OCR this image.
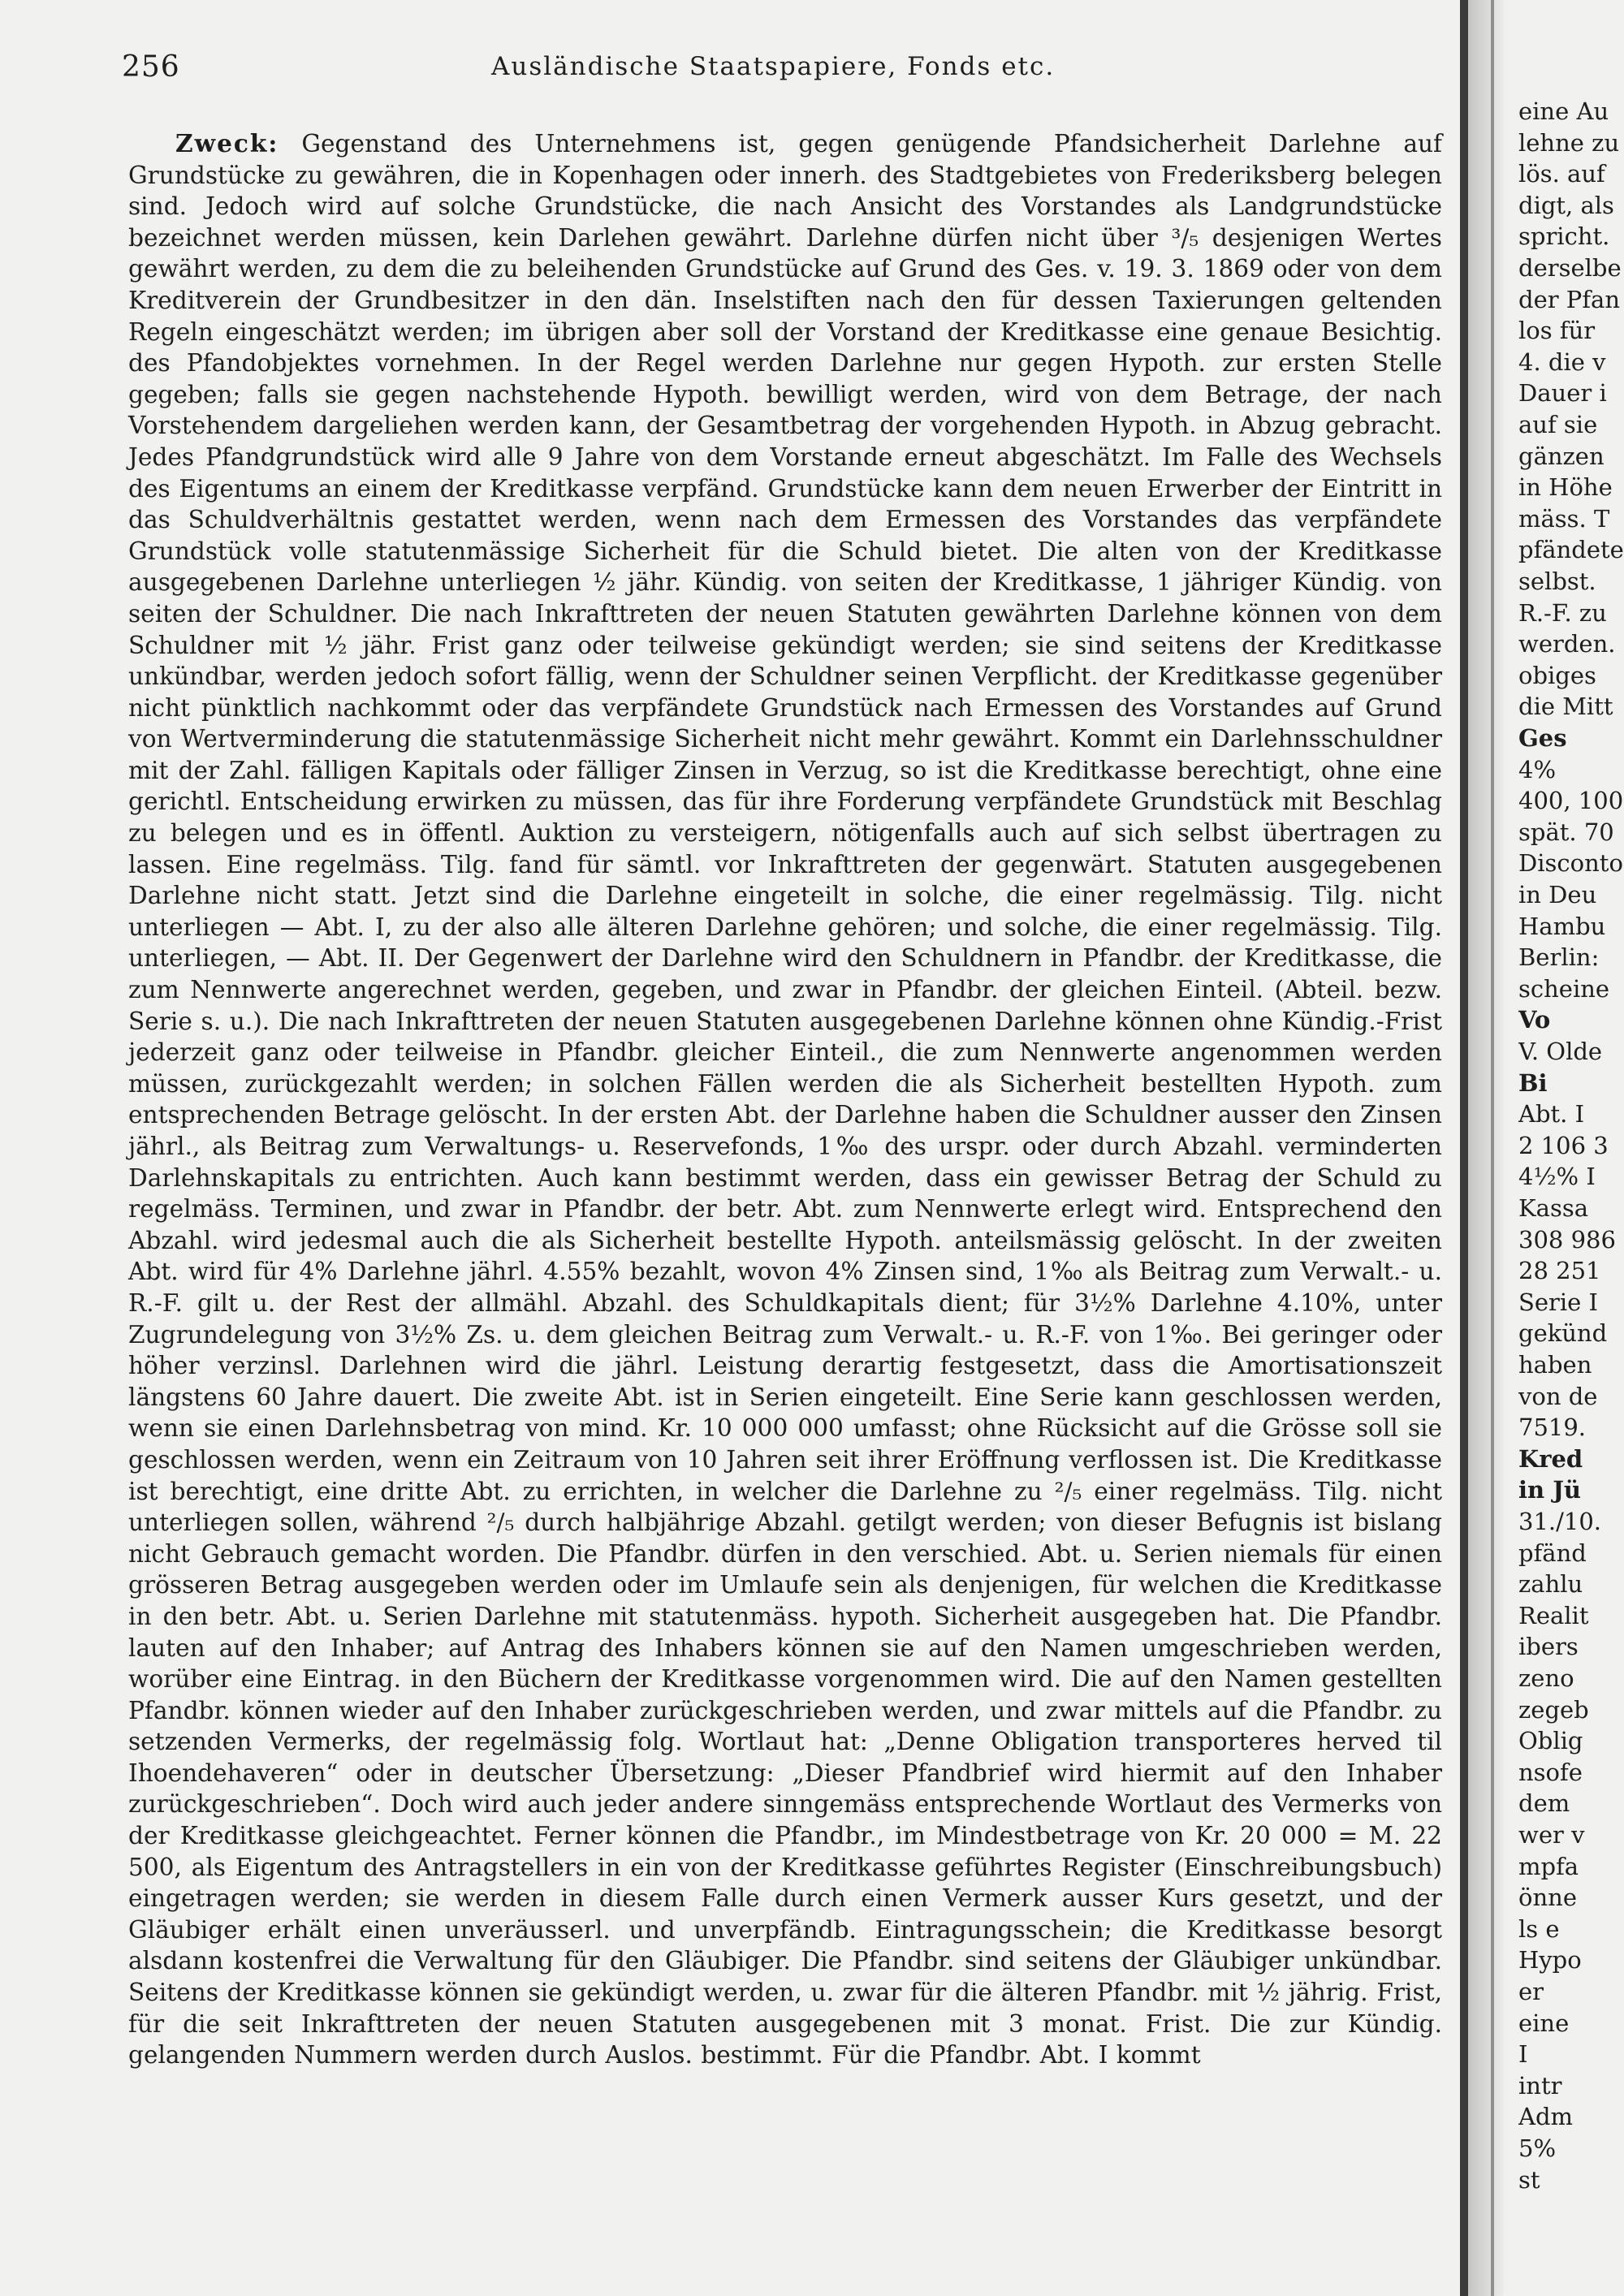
256	Ausländische Staatspapiere, Fonds etc.

Zweck: Gegenstand des Unternehmens ist, gegen genügende Pfandsicherheit Darlehne auf Grundstücke zu gewähren, die in Kopenhagen oder innerh. des Stadtgebietes von Frederiksberg belegen sind. Jedoch wird auf solche Grundstücke, die nach Ansicht des Vorstandes als Landgrundstücke bezeichnet werden müssen, kein Darlehen gewährt. Darlehne dürfen nicht über ³/₅ desjenigen Wertes gewährt werden, zu dem die zu beleihenden Grundstücke auf Grund des Ges. v. 19. 3. 1869 oder von dem Kreditverein der Grundbesitzer in den dän. Inselstiften nach den für dessen Taxierungen geltenden Regeln eingeschätzt werden; im übrigen aber soll der Vorstand der Kreditkasse eine genaue Besichtig. des Pfandobjektes vornehmen. In der Regel werden Darlehne nur gegen Hypoth. zur ersten Stelle gegeben; falls sie gegen nachstehende Hypoth. bewilligt werden, wird von dem Betrage, der nach Vorstehendem dargeliehen werden kann, der Gesamtbetrag der vorgehenden Hypoth. in Abzug gebracht. Jedes Pfandgrundstück wird alle 9 Jahre von dem Vorstande erneut abgeschätzt. Im Falle des Wechsels des Eigentums an einem der Kreditkasse verpfänd. Grundstücke kann dem neuen Erwerber der Eintritt in das Schuldverhältnis gestattet werden, wenn nach dem Ermessen des Vorstandes das verpfändete Grundstück volle statutenmässige Sicherheit für die Schuld bietet. Die alten von der Kreditkasse ausgegebenen Darlehne unterliegen ½ jähr. Kündig. von seiten der Kreditkasse, 1 jähriger Kündig. von seiten der Schuldner. Die nach Inkrafttreten der neuen Statuten gewährten Darlehne können von dem Schuldner mit ½ jähr. Frist ganz oder teilweise gekündigt werden; sie sind seitens der Kreditkasse unkündbar, werden jedoch sofort fällig, wenn der Schuldner seinen Verpflicht. der Kreditkasse gegenüber nicht pünktlich nachkommt oder das verpfändete Grundstück nach Ermessen des Vorstandes auf Grund von Wertverminderung die statutenmässige Sicherheit nicht mehr gewährt. Kommt ein Darlehnsschuldner mit der Zahl. fälligen Kapitals oder fälliger Zinsen in Verzug, so ist die Kreditkasse berechtigt, ohne eine gerichtl. Entscheidung erwirken zu müssen, das für ihre Forderung verpfändete Grundstück mit Beschlag zu belegen und es in öffentl. Auktion zu versteigern, nötigenfalls auch auf sich selbst übertragen zu lassen. Eine regelmäss. Tilg. fand für sämtl. vor Inkrafttreten der gegenwärt. Statuten ausgegebenen Darlehne nicht statt. Jetzt sind die Darlehne eingeteilt in solche, die einer regelmässig. Tilg. nicht unterliegen — Abt. I, zu der also alle älteren Darlehne gehören; und solche, die einer regelmässig. Tilg. unterliegen, — Abt. II. Der Gegenwert der Darlehne wird den Schuldnern in Pfandbr. der Kreditkasse, die zum Nennwerte angerechnet werden, gegeben, und zwar in Pfandbr. der gleichen Einteil. (Abteil. bezw. Serie s. u.). Die nach Inkrafttreten der neuen Statuten ausgegebenen Darlehne können ohne Kündig.-Frist jederzeit ganz oder teilweise in Pfandbr. gleicher Einteil., die zum Nennwerte angenommen werden müssen, zurückgezahlt werden; in solchen Fällen werden die als Sicherheit bestellten Hypoth. zum entsprechenden Betrage gelöscht. In der ersten Abt. der Darlehne haben die Schuldner ausser den Zinsen jährl., als Beitrag zum Verwaltungs- u. Reservefonds, 1‰ des urspr. oder durch Abzahl. verminderten Darlehnskapitals zu entrichten. Auch kann bestimmt werden, dass ein gewisser Betrag der Schuld zu regelmäss. Terminen, und zwar in Pfandbr. der betr. Abt. zum Nennwerte erlegt wird. Entsprechend den Abzahl. wird jedesmal auch die als Sicherheit bestellte Hypoth. anteilsmässig gelöscht. In der zweiten Abt. wird für 4% Darlehne jährl. 4.55% bezahlt, wovon 4% Zinsen sind, 1‰ als Beitrag zum Verwalt.- u. R.-F. gilt u. der Rest der allmähl. Abzahl. des Schuldkapitals dient; für 3½% Darlehne 4.10%, unter Zugrundelegung von 3½% Zs. u. dem gleichen Beitrag zum Verwalt.- u. R.-F. von 1‰. Bei geringer oder höher verzinsl. Darlehnen wird die jährl. Leistung derartig festgesetzt, dass die Amortisationszeit längstens 60 Jahre dauert. Die zweite Abt. ist in Serien eingeteilt. Eine Serie kann geschlossen werden, wenn sie einen Darlehnsbetrag von mind. Kr. 10 000 000 umfasst; ohne Rücksicht auf die Grösse soll sie geschlossen werden, wenn ein Zeitraum von 10 Jahren seit ihrer Eröffnung verflossen ist. Die Kreditkasse ist berechtigt, eine dritte Abt. zu errichten, in welcher die Darlehne zu ²/₅ einer regelmäss. Tilg. nicht unterliegen sollen, während ²/₅ durch halbjährige Abzahl. getilgt werden; von dieser Befugnis ist bislang nicht Gebrauch gemacht worden. Die Pfandbr. dürfen in den verschied. Abt. u. Serien niemals für einen grösseren Betrag ausgegeben werden oder im Umlaufe sein als denjenigen, für welchen die Kreditkasse in den betr. Abt. u. Serien Darlehne mit statutenmäss. hypoth. Sicherheit ausgegeben hat. Die Pfandbr. lauten auf den Inhaber; auf Antrag des Inhabers können sie auf den Namen umgeschrieben werden, worüber eine Eintrag. in den Büchern der Kreditkasse vorgenommen wird. Die auf den Namen gestellten Pfandbr. können wieder auf den Inhaber zurückgeschrieben werden, und zwar mittels auf die Pfandbr. zu setzenden Vermerks, der regelmässig folg. Wortlaut hat: „Denne Obligation transporteres herved til Ihoendehaveren“ oder in deutscher Übersetzung: „Dieser Pfandbrief wird hiermit auf den Inhaber zurückgeschrieben“. Doch wird auch jeder andere sinngemäss entsprechende Wortlaut des Vermerks von der Kreditkasse gleichgeachtet. Ferner können die Pfandbr., im Mindestbetrage von Kr. 20 000 = M. 22 500, als Eigentum des Antragstellers in ein von der Kreditkasse geführtes Register (Einschreibungsbuch) eingetragen werden; sie werden in diesem Falle durch einen Vermerk ausser Kurs gesetzt, und der Gläubiger erhält einen unveräusserl. und unverpfändb. Eintragungsschein; die Kreditkasse besorgt alsdann kostenfrei die Verwaltung für den Gläubiger. Die Pfandbr. sind seitens der Gläubiger unkündbar. Seitens der Kreditkasse können sie gekündigt werden, u. zwar für die älteren Pfandbr. mit ½ jährig. Frist, für die seit Inkrafttreten der neuen Statuten ausgegebenen mit 3 monat. Frist. Die zur Kündig. gelangenden Nummern werden durch Auslos. bestimmt. Für die Pfandbr. Abt. I kommt

eine Au
lehne zu
lös. auf
digt, als
spricht.
derselbe
der Pfan
los für
4. die v
Dauer i
auf sie
gänzen
in Höhe
mäss. T
pfändete
selbst.
R.-F. zu
werden.
obiges
die Mitt
Ges
4%
400, 100
spät. 70
Disconto
in Deu
Hambu
Berlin:
scheine
Vo
V. Olde
Bi
Abt. I
2 106 3
4½% I
Kassa
308 986
28 251
Serie I
gekünd
haben
von de
7519.
Kred
in Jü
31./10.
pfänd
zahlu
Realit
ibers
zeno
zegeb
Oblig
nsofe
dem
wer v
mpfa
önne
ls e
Hypo
er
eine
I
intr
Adm
5%
st
